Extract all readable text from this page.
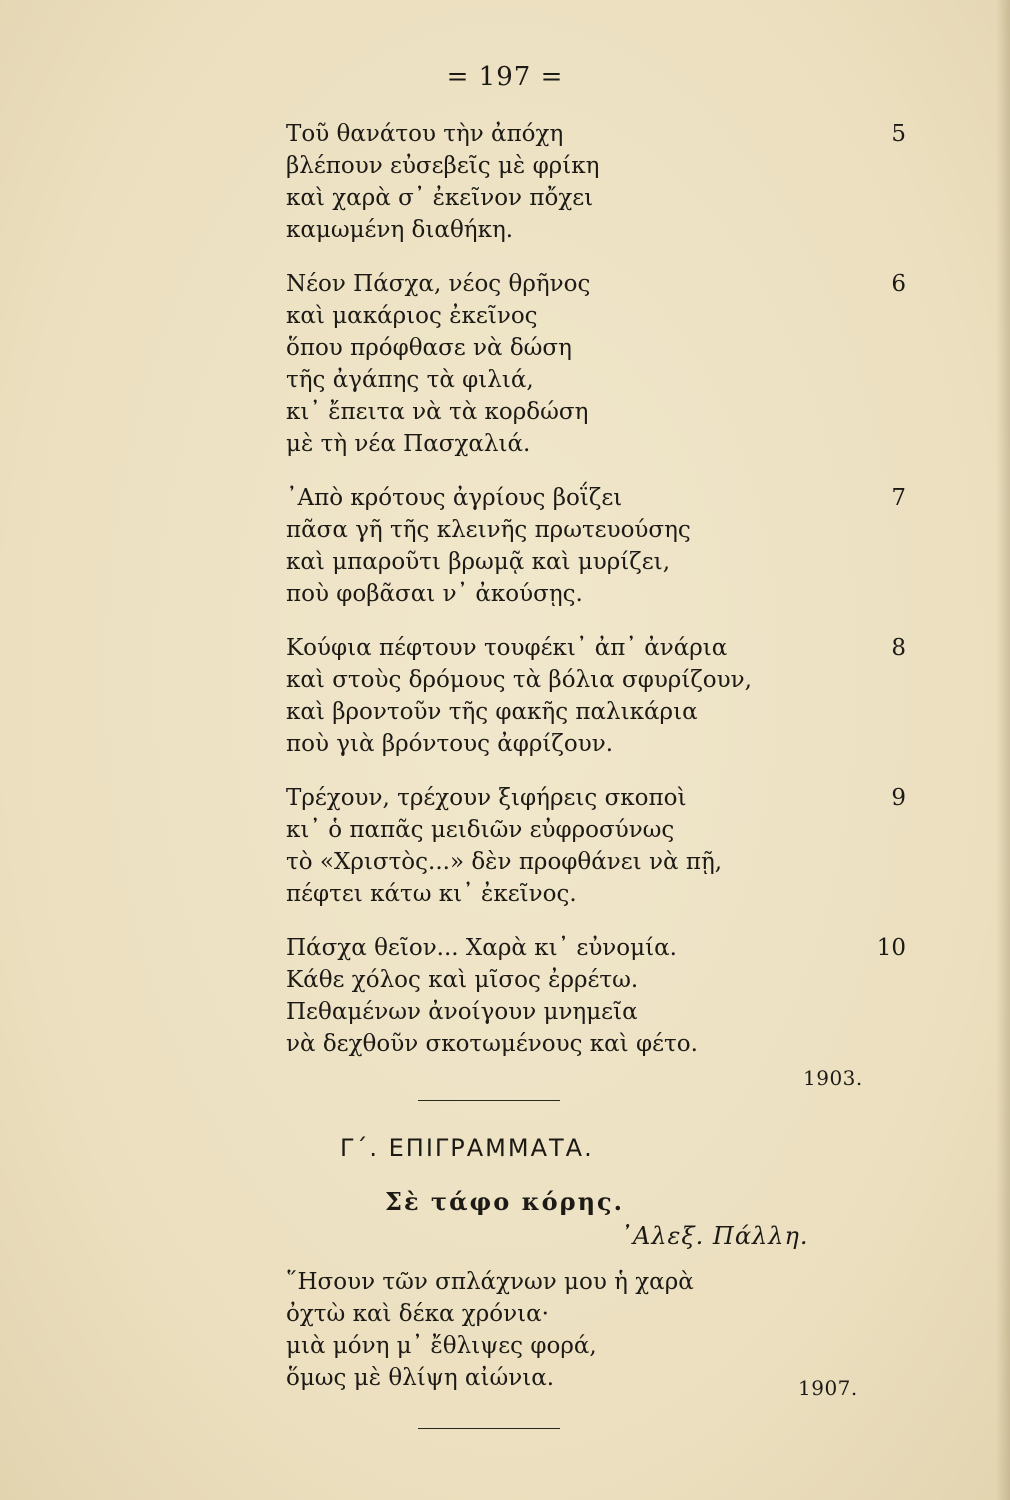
= 197 =
Τοῦ θανάτου τὴν ἀπόχη	5
βλέπουν εὐσεβεῖς μὲ φρίκη
καὶ χαρὰ σ᾿ ἐκεῖνον πὄχει
καμωμένη διαθήκη.
Νέον Πάσχα, νέος θρῆνος	6
καὶ μακάριος ἐκεῖνος
ὅπου πρόφθασε νὰ δώση
τῆς ἀγάπης τὰ φιλιά,
κι᾿ ἔπειτα νὰ τὰ κορδώση
μὲ τὴ νέα Πασχαλιά.
᾿Απὸ κρότους ἀγρίους βοΐζει	7
πᾶσα γῆ τῆς κλεινῆς πρωτευούσης
καὶ μπαροῦτι βρωμᾷ καὶ μυρίζει,
ποὺ φοβᾶσαι ν᾿ ἀκούσῃς.
Κούφια πέφτουν τουφέκι᾿ ἀπ᾿ ἀνάρια	8
καὶ στοὺς δρόμους τὰ βόλια σφυρίζουν,
καὶ βροντοῦν τῆς φακῆς παλικάρια
ποὺ γιὰ βρόντους ἀφρίζουν.
Τρέχουν, τρέχουν ξιφήρεις σκοποὶ	9
κι᾿ ὁ παπᾶς μειδιῶν εὐφροσύνως
τὸ «Χριστὸς...» δὲν προφθάνει νὰ πῇ,
πέφτει κάτω κι᾿ ἐκεῖνος.
Πάσχα θεῖον... Χαρὰ κι᾿ εὐνομία.	10
Κάθε χόλος καὶ μῖσος ἐρρέτω.
Πεθαμένων ἀνοίγουν μνημεῖα
νὰ δεχθοῦν σκοτωμένους καὶ φέτο.
1903.
Γ΄. ΕΠΙΓΡΑΜΜΑΤΑ.
Σὲ τάφο κόρης.
᾿Αλεξ. Πάλλη.
῞Ησουν τῶν σπλάχνων μου ἡ χαρὰ
ὀχτὼ καὶ δέκα χρόνια·
μιὰ μόνη μ᾿ ἔθλιψες φορά,
ὅμως μὲ θλίψη αἰώνια.	1907.
